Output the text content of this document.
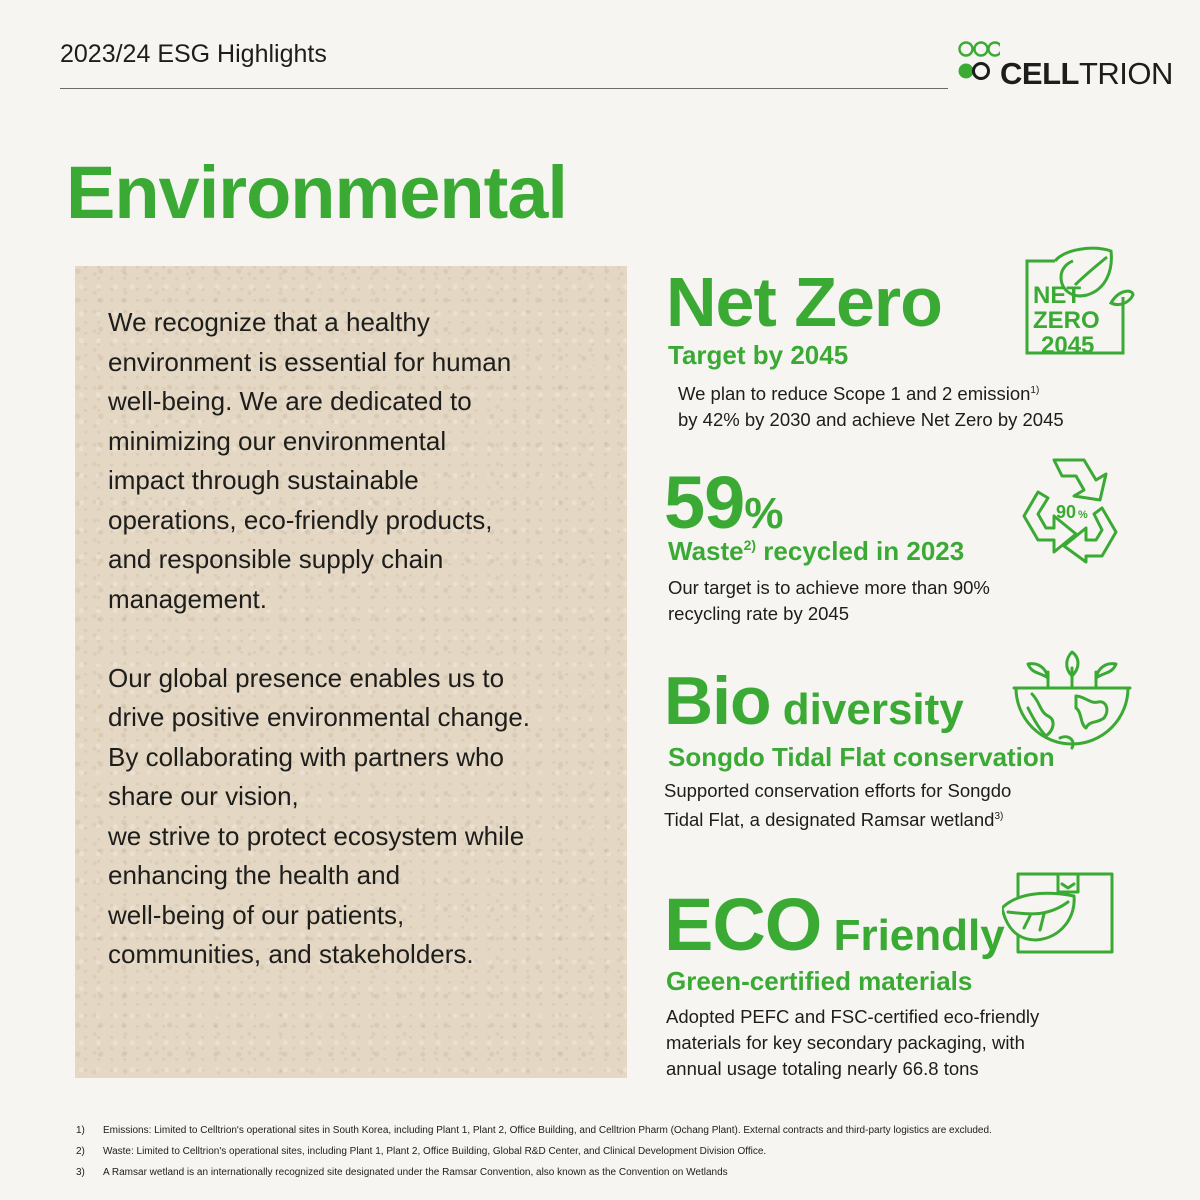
2023/24 ESG Highlights
CELLTRION
Environmental

We recognize that a healthy

environment is essential for human

well-being. We are dedicated to

minimizing our environmental

impact through sustainable

operations, eco-friendly products,

and responsible supply chain

management.

Our global presence enables us to

drive positive environmental change.

By collaborating with partners who

share our vision,

we strive to protect ecosystem while

enhancing the health and

well-being of our patients,

communities, and stakeholders.

Net Zero
Target by 2045
We plan to reduce Scope 1 and 2 emission$^{1)}$
by 42% by 2030 and achieve Net Zero by 2045
NET
ZERO
2045
59%
Waste$^{2)}$ recycled in 2023
Our target is to achieve more than 90%
recycling rate by 2045
90 %
Bio diversity
Songdo Tidal Flat conservation
Supported conservation efforts for Songdo
Tidal Flat, a designated Ramsar wetland$^{3)}$
ECO Friendly
Green-certified materials
Adopted PEFC and FSC-certified eco-friendly
materials for key secondary packaging, with
annual usage totaling nearly 66.8 tons
1)	Emissions: Limited to Celltrion's operational sites in South Korea, including Plant 1, Plant 2, Office Building, and Celltrion Pharm (Ochang Plant). External contracts and third-party logistics are excluded.
2)	Waste: Limited to Celltrion's operational sites, including Plant 1, Plant 2, Office Building, Global R&D Center, and Clinical Development Division Office.
3)	A Ramsar wetland is an internationally recognized site designated under the Ramsar Convention, also known as the Convention on Wetlands
